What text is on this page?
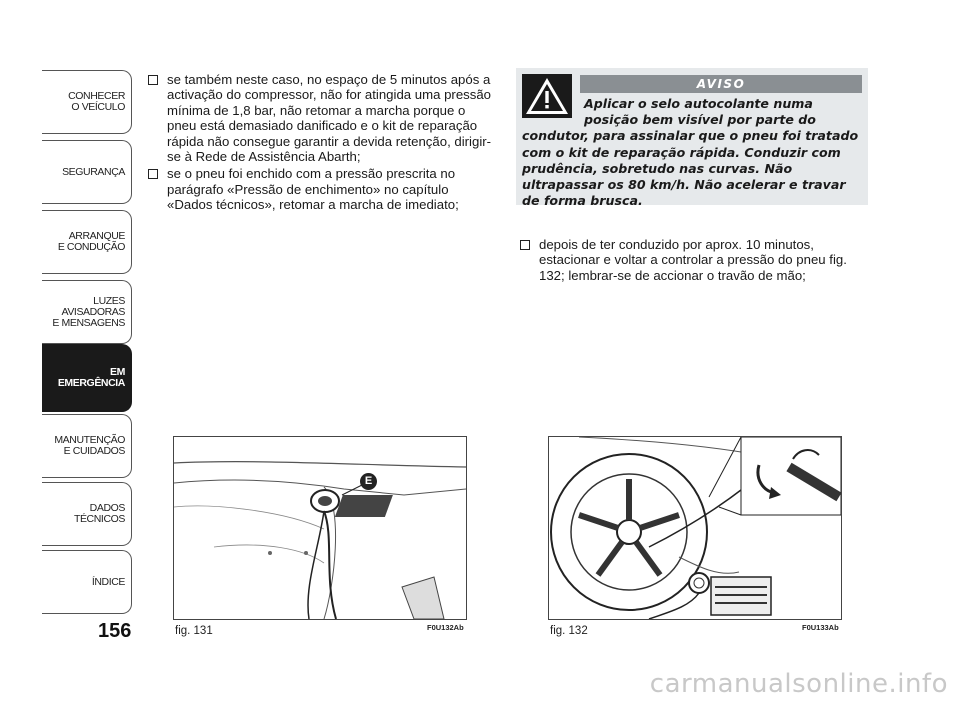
CONHECER
O VEÍCULO
SEGURANÇA
ARRANQUE
E CONDUÇÃO
LUZES
AVISADORAS
E MENSAGENS
EM EMERGÊNCIA
MANUTENÇÃO
E CUIDADOS
DADOS
TÉCNICOS
ÍNDICE
156

se também neste caso, no espaço de 5 minutos após a activação do compressor, não for atingida uma pressão mínima de 1,8 bar, não retomar a marcha porque o pneu está demasiado danificado e o kit de reparação rápida não consegue garantir a devida retenção, dirigir-se à Rede de Assistência Abarth;

se o pneu foi enchido com a pressão prescrita no parágrafo «Pressão de enchimento» no capítulo «Dados técnicos», retomar a marcha de imediato;

AVISO
Aplicar o selo autocolante numa posição bem visível por parte do condutor, para assinalar que o pneu foi tratado com o kit de reparação rápida. Conduzir com prudência, sobretudo nas curvas. Não ultrapassar os 80 km/h. Não acelerar e travar de forma brusca.

depois de ter conduzido por aprox. 10 minutos, estacionar e voltar a controlar a pressão do pneu fig. 132; lembrar-se de accionar o travão de mão;

E
fig. 131	F0U132Ab	fig. 132	F0U133Ab
carmanualsonline.info
